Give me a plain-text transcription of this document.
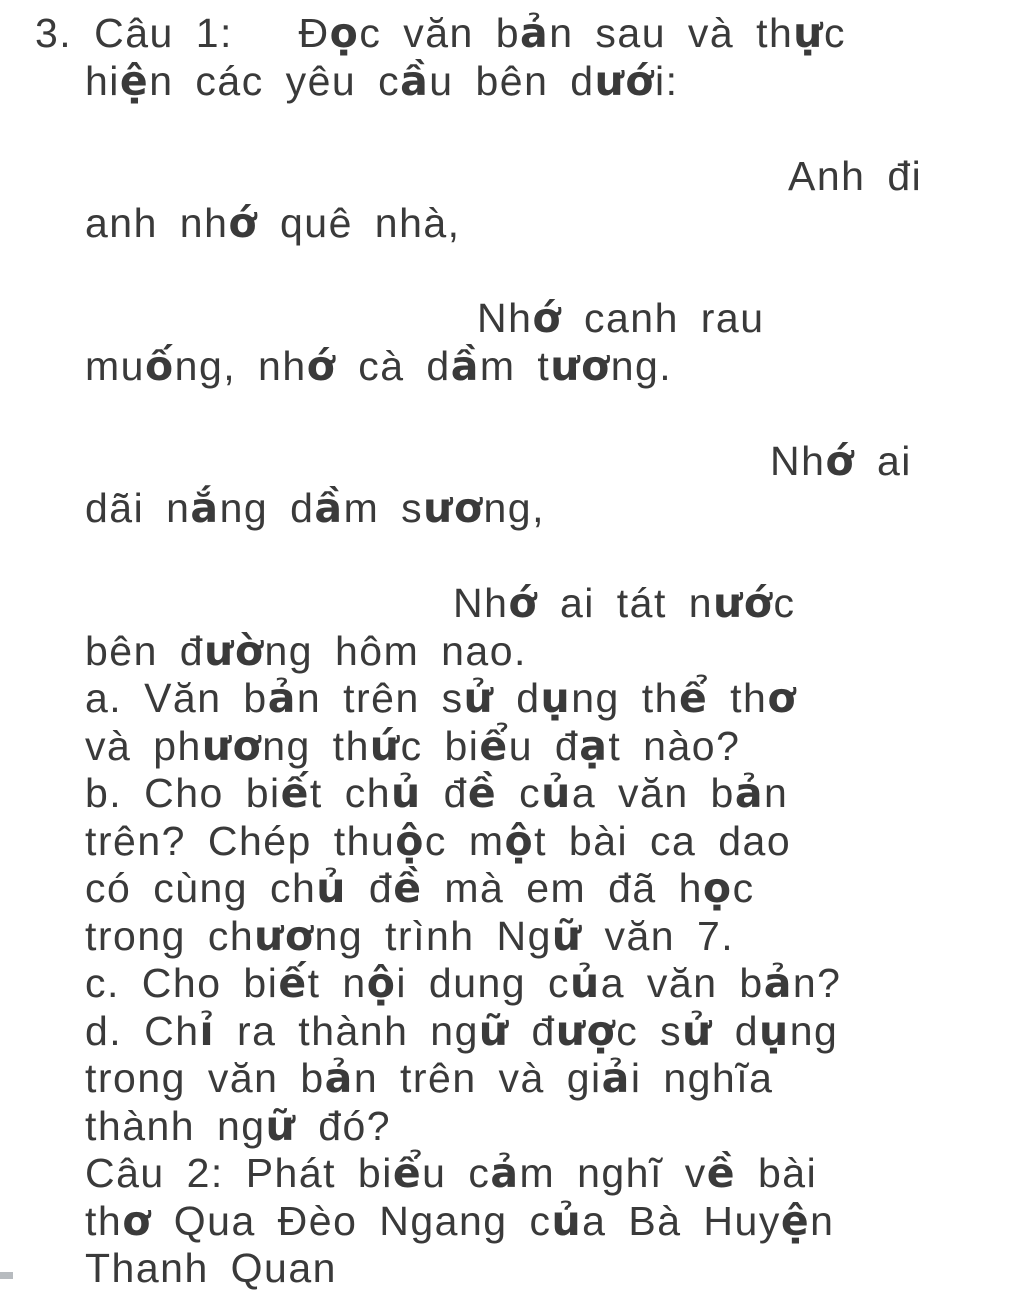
3. Câu 1:   Đọc văn bản sau và thực
hiện các yêu cầu bên dưới:
Anh đi
anh nhớ quê nhà,
Nhớ canh rau
muống, nhớ cà dầm tương.
Nhớ ai
dãi nắng dầm sương,
Nhớ ai tát nước
bên đường hôm nao.
a. Văn bản trên sử dụng thể thơ
và phương thức biểu đạt nào?
b. Cho biết chủ đề của văn bản
trên? Chép thuộc một bài ca dao
có cùng chủ đề mà em đã học
trong chương trình Ngữ văn 7.
c. Cho biết nội dung của văn bản?
d. Chỉ ra thành ngữ được sử dụng
trong văn bản trên và giải nghĩa
thành ngữ đó?
Câu 2: Phát biểu cảm nghĩ về bài
thơ Qua Đèo Ngang của Bà Huyện
Thanh Quan
